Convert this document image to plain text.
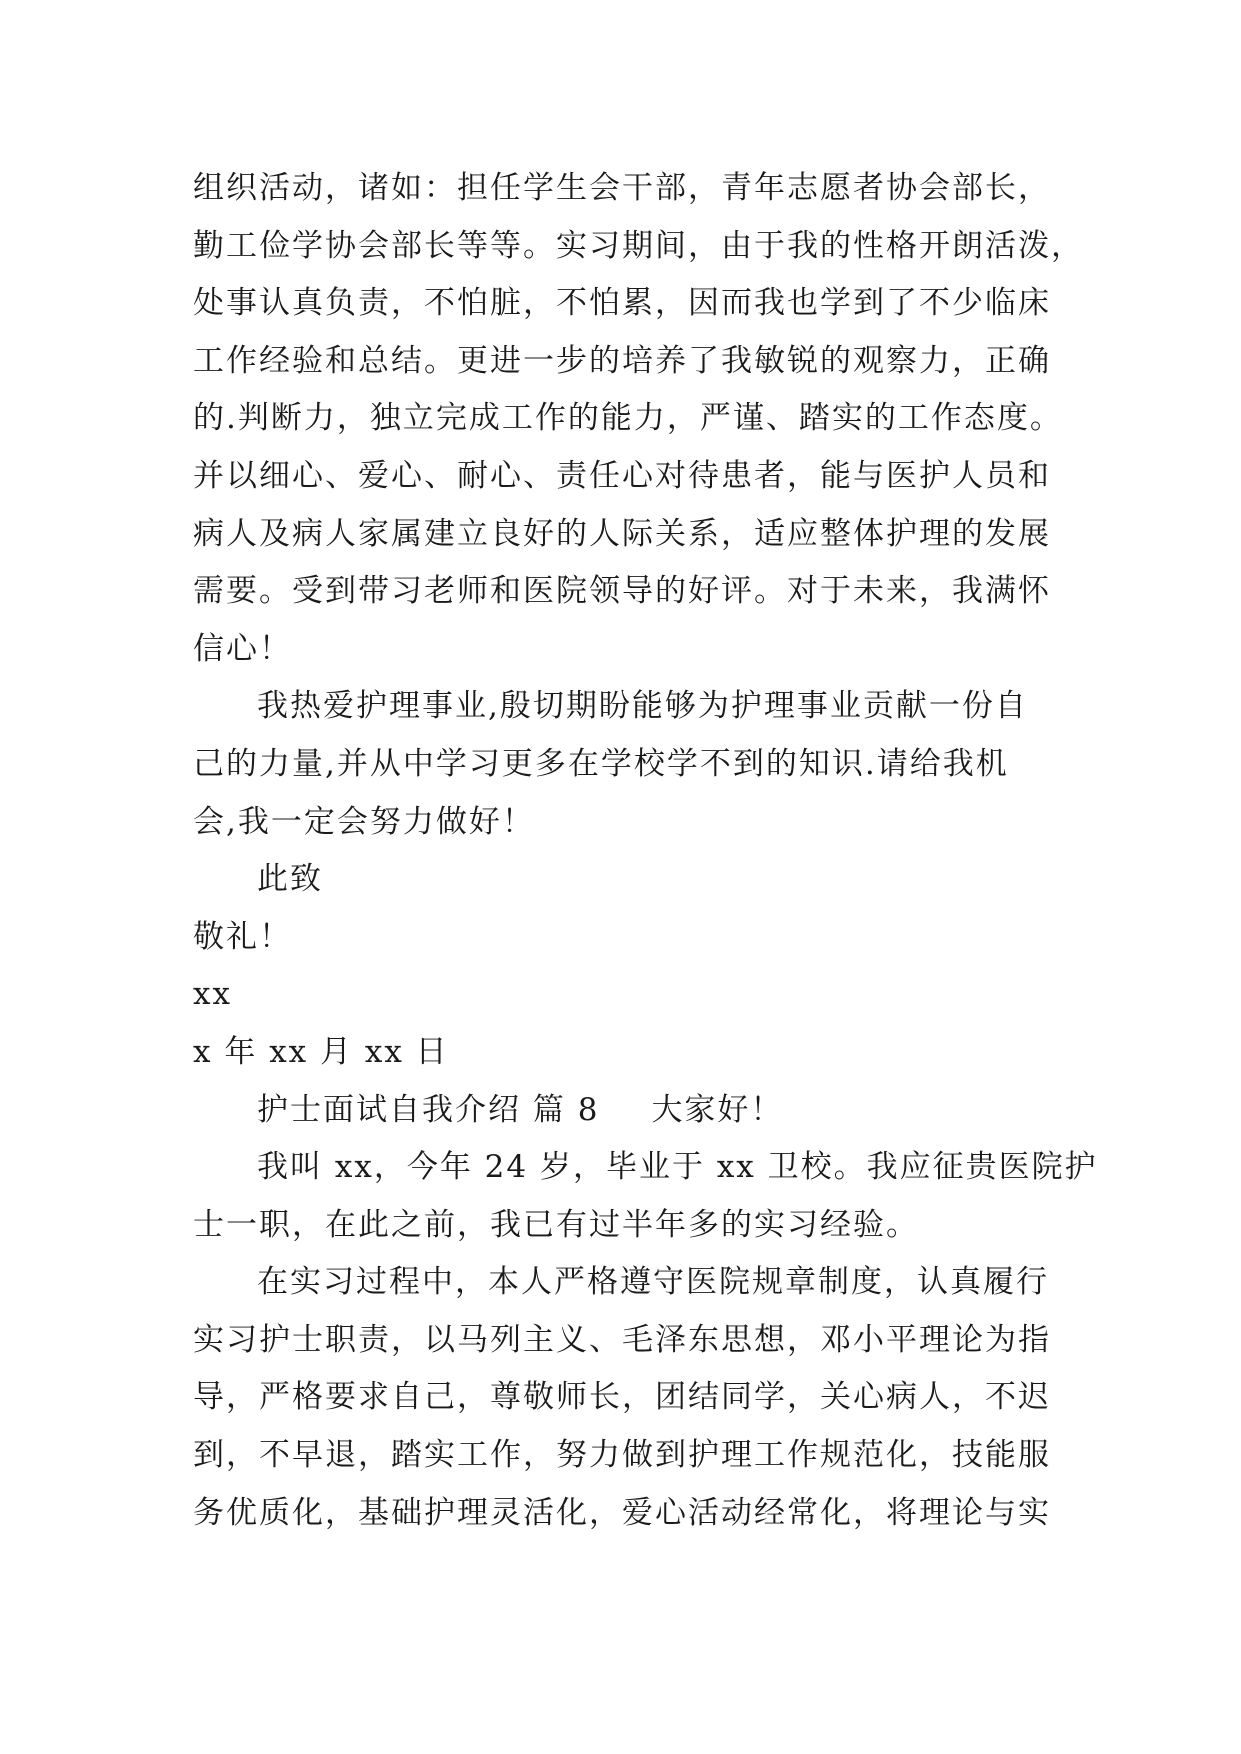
组织活动，诸如：担任学生会干部，青年志愿者协会部长，
勤工俭学协会部长等等。实习期间，由于我的性格开朗活泼，
处事认真负责，不怕脏，不怕累，因而我也学到了不少临床
工作经验和总结。更进一步的培养了我敏锐的观察力，正确
的.判断力，独立完成工作的能力，严谨、踏实的工作态度。
并以细心、爱心、耐心、责任心对待患者，能与医护人员和
病人及病人家属建立良好的人际关系，适应整体护理的发展
需要。受到带习老师和医院领导的好评。对于未来，我满怀
信心！
我热爱护理事业,殷切期盼能够为护理事业贡献一份自
己的力量,并从中学习更多在学校学不到的知识.请给我机
会,我一定会努力做好！
此致
敬礼！
xx
x 年 xx 月 xx 日
护士面试自我介绍 篇 8 大家好！
我叫 xx，今年 24 岁，毕业于 xx 卫校。我应征贵医院护
士一职，在此之前，我已有过半年多的实习经验。
在实习过程中，本人严格遵守医院规章制度，认真履行
实习护士职责，以马列主义、毛泽东思想，邓小平理论为指
导，严格要求自己，尊敬师长，团结同学，关心病人，不迟
到，不早退，踏实工作，努力做到护理工作规范化，技能服
务优质化，基础护理灵活化，爱心活动经常化，将理论与实
